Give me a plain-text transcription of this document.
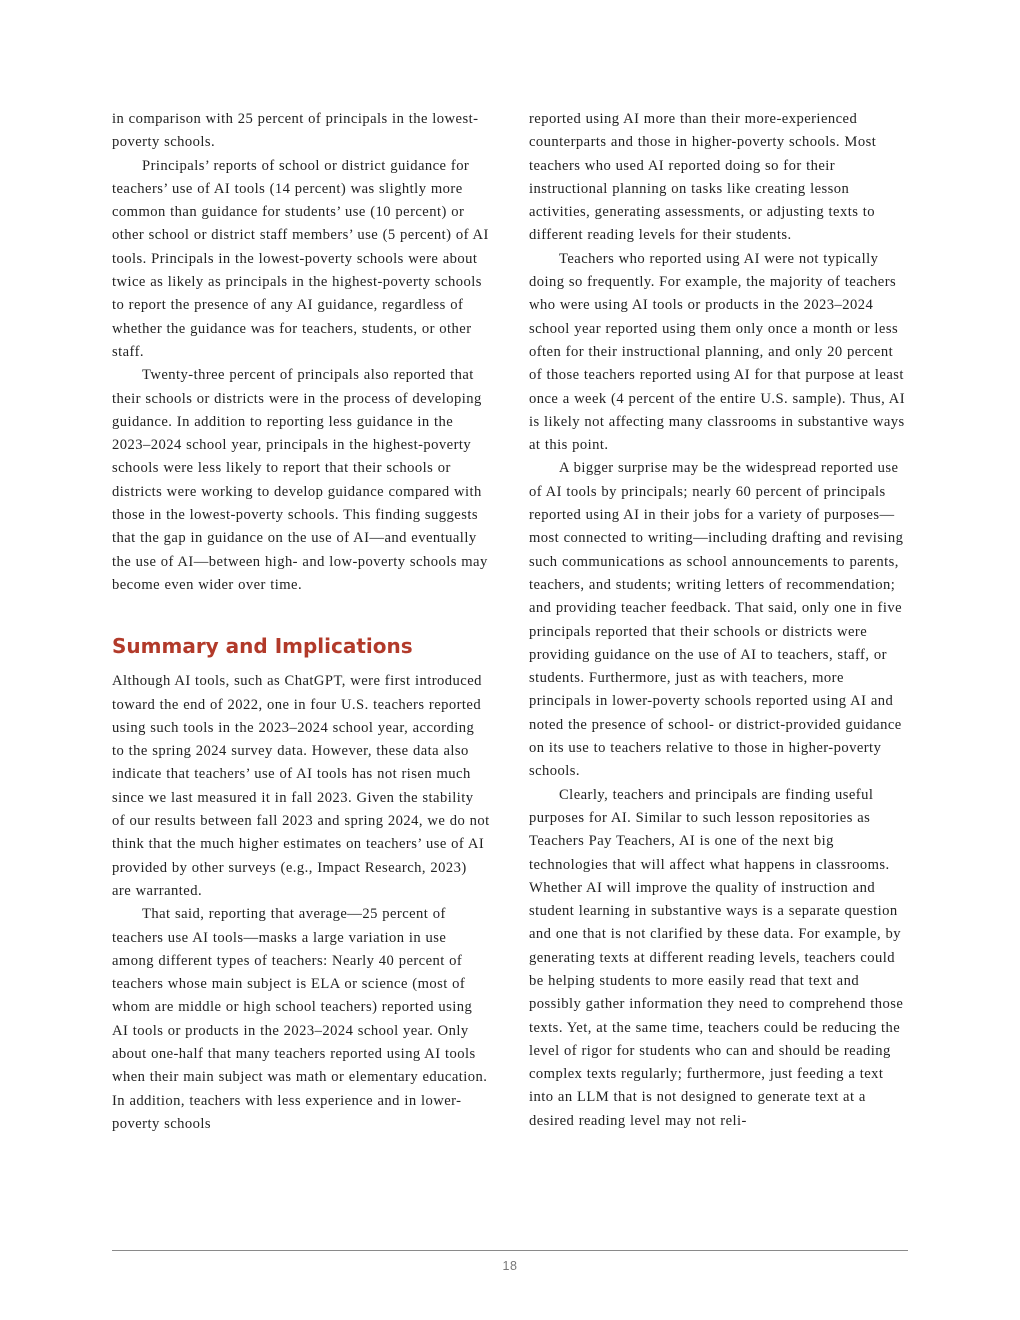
in comparison with 25 percent of principals in the lowest-poverty schools.

Principals’ reports of school or district guidance for teachers’ use of AI tools (14 percent) was slightly more common than guidance for students’ use (10 percent) or other school or district staff members’ use (5 percent) of AI tools. Principals in the lowest-poverty schools were about twice as likely as principals in the highest-poverty schools to report the presence of any AI guidance, regardless of whether the guidance was for teachers, students, or other staff.

Twenty-three percent of principals also reported that their schools or districts were in the process of developing guidance. In addition to reporting less guidance in the 2023–2024 school year, principals in the highest-poverty schools were less likely to report that their schools or districts were working to develop guidance compared with those in the lowest-poverty schools. This finding suggests that the gap in guidance on the use of AI—and eventually the use of AI—between high- and low-poverty schools may become even wider over time.

Summary and Implications

Although AI tools, such as ChatGPT, were first introduced toward the end of 2022, one in four U.S. teachers reported using such tools in the 2023–2024 school year, according to the spring 2024 survey data. However, these data also indicate that teachers’ use of AI tools has not risen much since we last measured it in fall 2023. Given the stability of our results between fall 2023 and spring 2024, we do not think that the much higher estimates on teachers’ use of AI provided by other surveys (e.g., Impact Research, 2023) are warranted.

That said, reporting that average—25 percent of teachers use AI tools—masks a large variation in use among different types of teachers: Nearly 40 percent of teachers whose main subject is ELA or science (most of whom are middle or high school teachers) reported using AI tools or products in the 2023–2024 school year. Only about one-half that many teachers reported using AI tools when their main subject was math or elementary education. In addition, teachers with less experience and in lower-poverty schools

reported using AI more than their more-experienced counterparts and those in higher-poverty schools. Most teachers who used AI reported doing so for their instructional planning on tasks like creating lesson activities, generating assessments, or adjusting texts to different reading levels for their students.

Teachers who reported using AI were not typically doing so frequently. For example, the majority of teachers who were using AI tools or products in the 2023–2024 school year reported using them only once a month or less often for their instructional planning, and only 20 percent of those teachers reported using AI for that purpose at least once a week (4 percent of the entire U.S. sample). Thus, AI is likely not affecting many classrooms in substantive ways at this point.

A bigger surprise may be the widespread reported use of AI tools by principals; nearly 60 percent of principals reported using AI in their jobs for a variety of purposes—most connected to writing—including drafting and revising such communications as school announcements to parents, teachers, and students; writing letters of recommendation; and providing teacher feedback. That said, only one in five principals reported that their schools or districts were providing guidance on the use of AI to teachers, staff, or students. Furthermore, just as with teachers, more principals in lower-poverty schools reported using AI and noted the presence of school- or district-provided guidance on its use to teachers relative to those in higher-poverty schools.

Clearly, teachers and principals are finding useful purposes for AI. Similar to such lesson repositories as Teachers Pay Teachers, AI is one of the next big technologies that will affect what happens in classrooms. Whether AI will improve the quality of instruction and student learning in substantive ways is a separate question and one that is not clarified by these data. For example, by generating texts at different reading levels, teachers could be helping students to more easily read that text and possibly gather information they need to comprehend those texts. Yet, at the same time, teachers could be reducing the level of rigor for students who can and should be reading complex texts regularly; furthermore, just feeding a text into an LLM that is not designed to generate text at a desired reading level may not reli-

18
